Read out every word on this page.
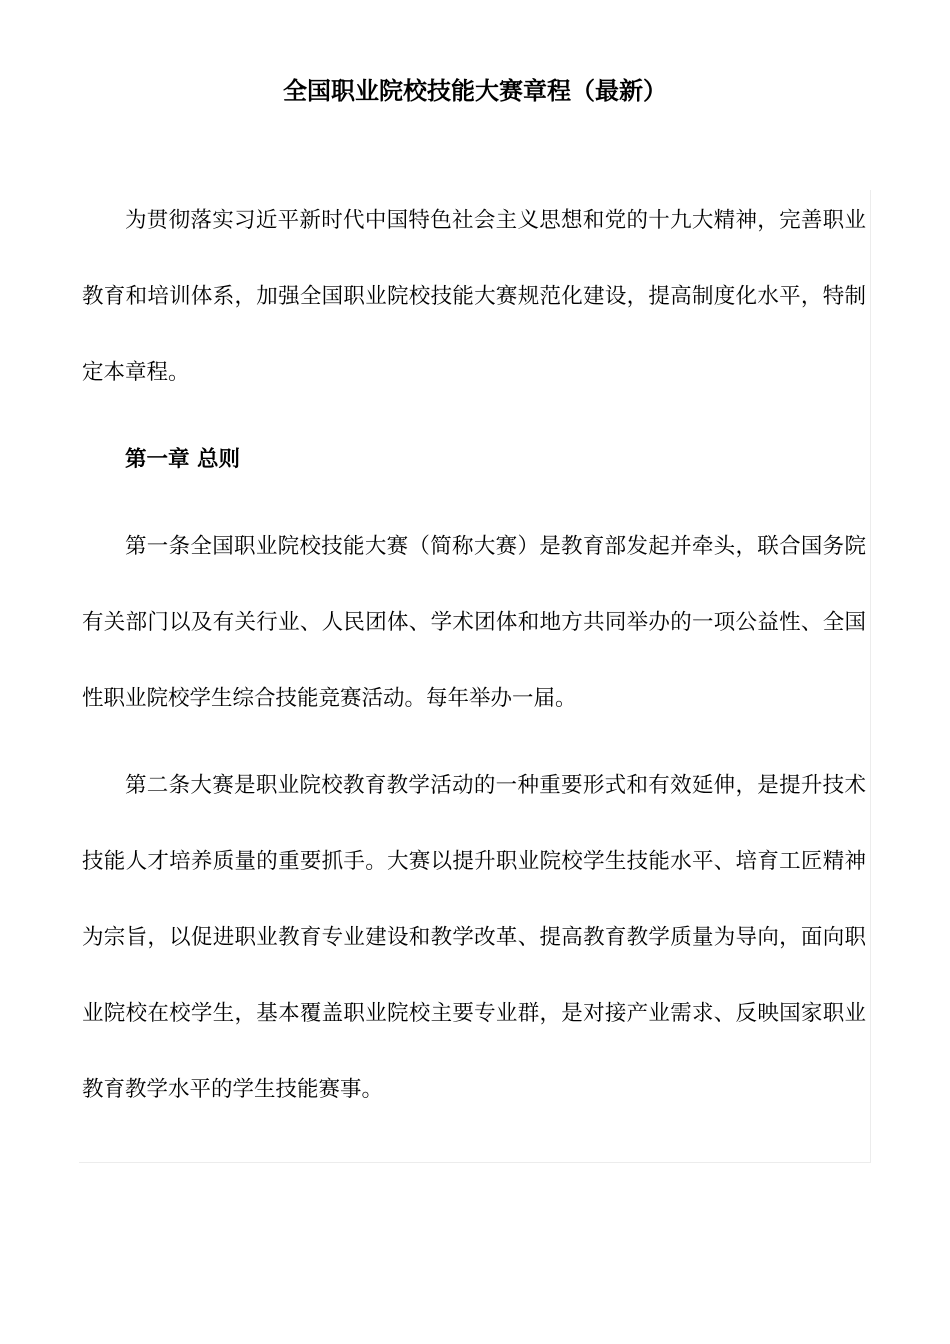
全国职业院校技能大赛章程（最新）

为贯彻落实习近平新时代中国特色社会主义思想和党的十九大精神，完善职业教育和培训体系，加强全国职业院校技能大赛规范化建设，提高制度化水平，特制定本章程。

第一章 总则

第一条全国职业院校技能大赛（简称大赛）是教育部发起并牵头，联合国务院有关部门以及有关行业、人民团体、学术团体和地方共同举办的一项公益性、全国性职业院校学生综合技能竞赛活动。每年举办一届。

第二条大赛是职业院校教育教学活动的一种重要形式和有效延伸，是提升技术技能人才培养质量的重要抓手。大赛以提升职业院校学生技能水平、培育工匠精神为宗旨，以促进职业教育专业建设和教学改革、提高教育教学质量为导向，面向职业院校在校学生，基本覆盖职业院校主要专业群，是对接产业需求、反映国家职业教育教学水平的学生技能赛事。
